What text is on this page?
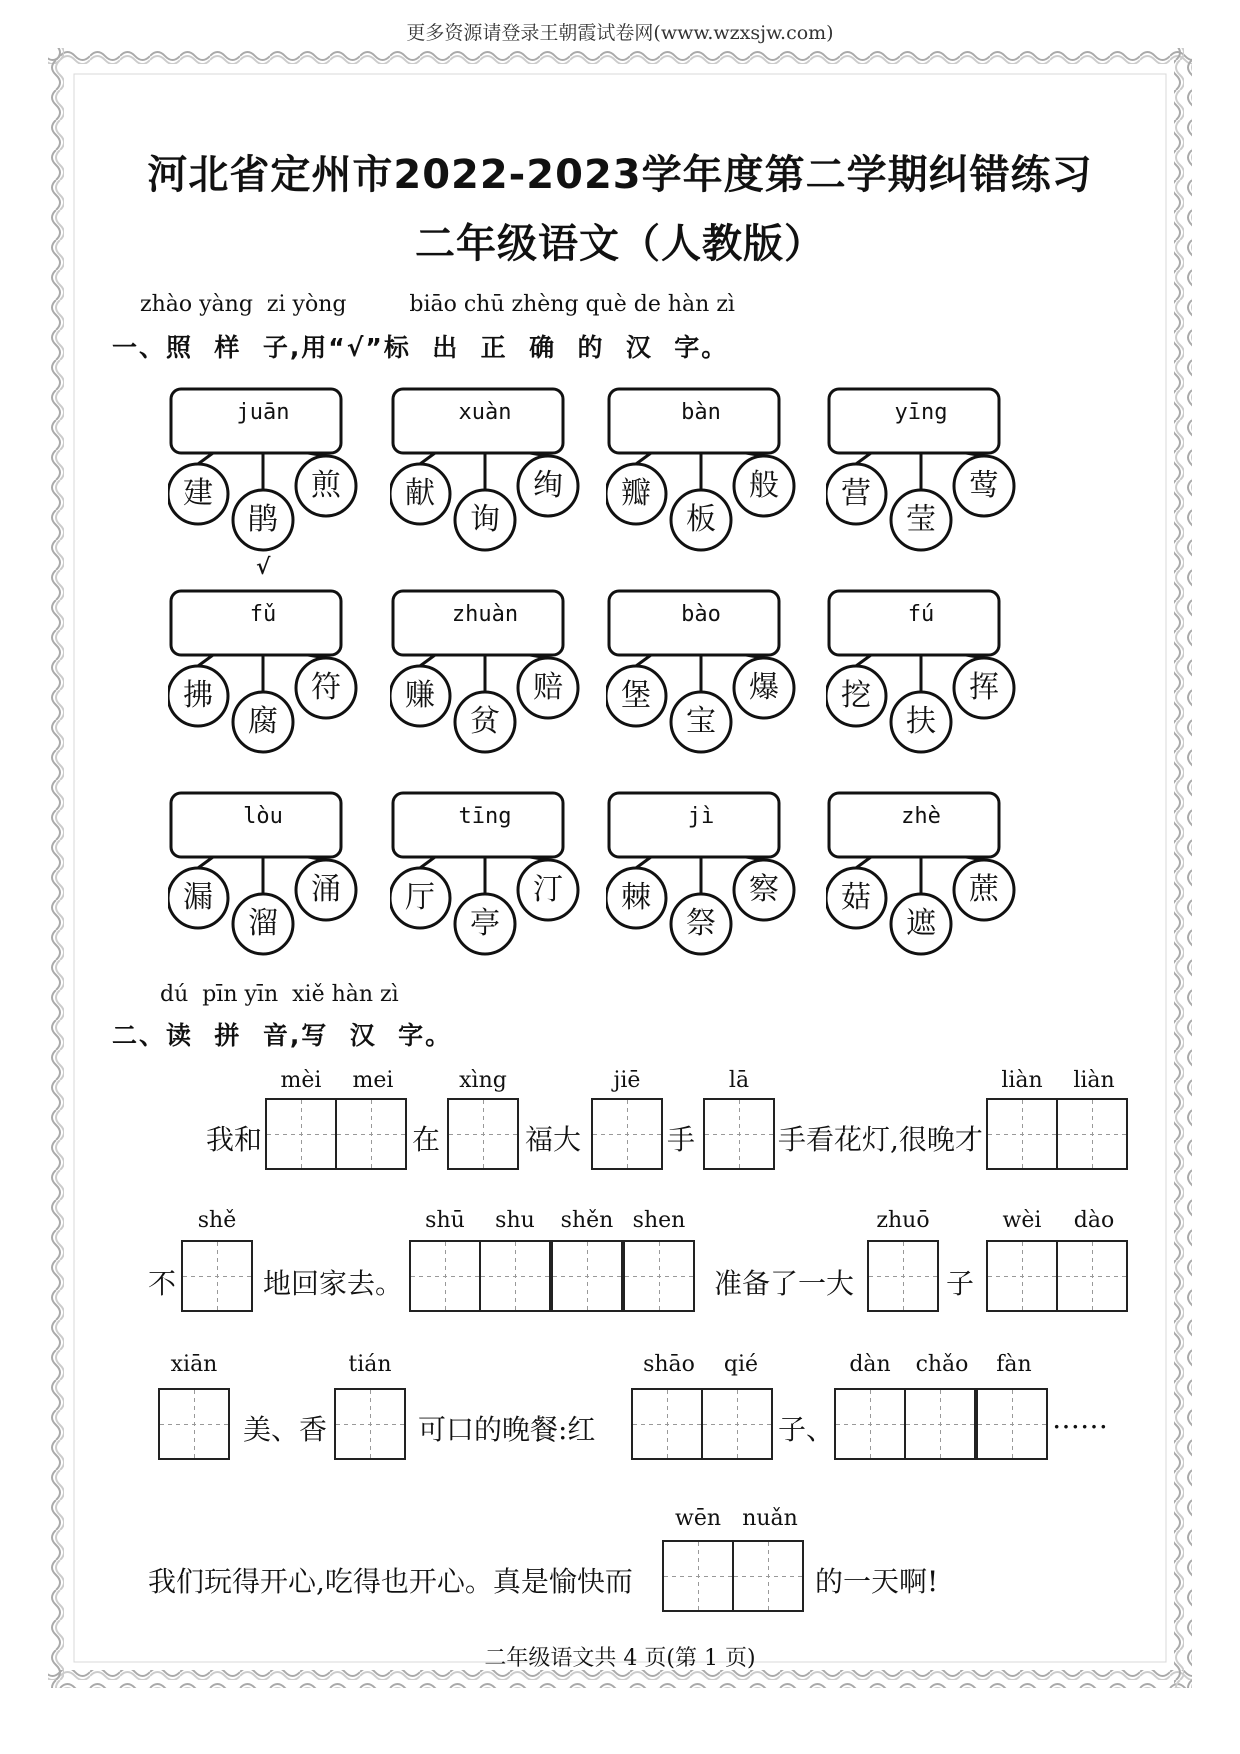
更多资源请登录王朝霞试卷网(www.wzxsjw.com)
河北省定州市2022-2023学年度第二学期纠错练习
二年级语文（人教版）
zhào yàng  zi yòng         biāo chū zhèng què de hàn zì
一、照  样  子,用“√”标  出  正  确  的  汉  字。
juān
建
鹃
煎
√
xuàn
献
询
绚
bàn
瓣
板
般
yīng
营
莹
莺
fǔ
拂
腐
符
zhuàn
赚
贫
赔
bào
堡
宝
爆
fú
挖
扶
挥
lòu
漏
溜
涌
tīng
厅
亭
汀
jì
棘
祭
察
zhè
菇
遮
蔗
dú  pīn yīn  xiě hàn zì
二、读  拼  音,写  汉  字。
我和
mèi	mei
在
xìng
福大
jiē
手
lā
手看花灯,很晚才
liàn	liàn
不
shě
地回家去。
shū	shu	shěn shen
准备了一大
zhuō
子
wèi	dào
xiān
美、香
tián
可口的晚餐:红
shāo	qié
子、
dàn	chǎo	fàn
……
我们玩得开心,吃得也开心。真是愉快而
wēn nuǎn
的一天啊!
二年级语文共 4 页(第 1 页)
